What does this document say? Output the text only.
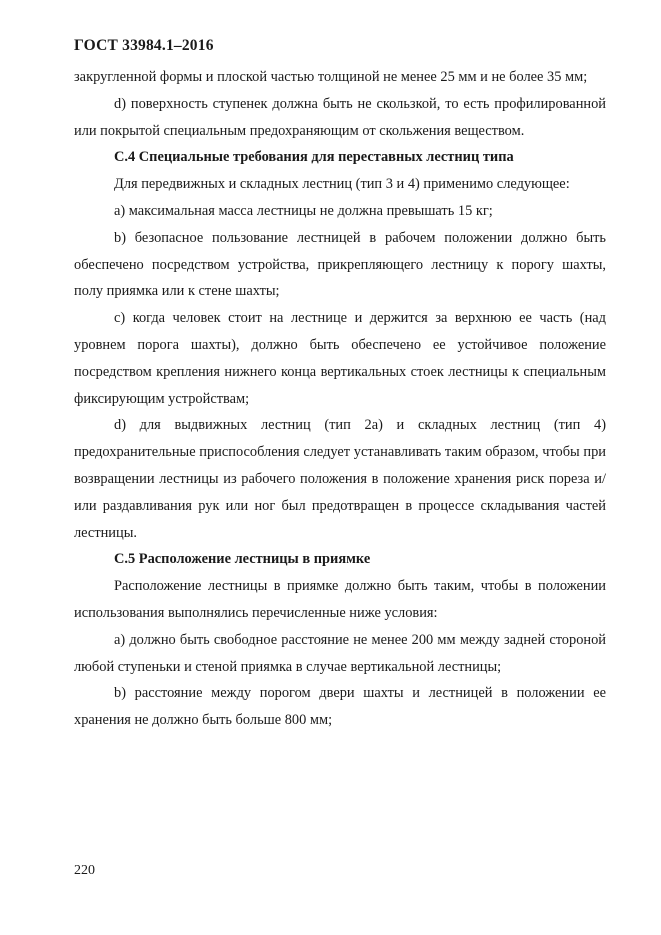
ГОСТ 33984.1–2016

закругленной формы и плоской частью толщиной не менее 25 мм и не более 35 мм;

d) поверхность ступенек должна быть не скользкой, то есть профилированной или покрытой специальным предохраняющим от скольжения веществом.

C.4 Специальные требования для переставных лестниц типа

Для передвижных и складных лестниц (тип 3 и 4) применимо следующее:

а) максимальная масса лестницы не должна превышать 15 кг;

b) безопасное пользование лестницей в рабочем положении должно быть обеспечено посредством устройства, прикрепляющего лестницу к порогу шахты, полу приямка или к стене шахты;

c) когда человек стоит на лестнице и держится за верхнюю ее часть (над уровнем порога шахты), должно быть обеспечено ее устойчивое положение посредством крепления нижнего конца вертикальных стоек лестницы к специальным фиксирующим устройствам;

d) для выдвижных лестниц (тип 2а) и складных лестниц (тип 4) предохранительные приспособления следует устанавливать таким образом, чтобы при возвращении лестницы из рабочего положения в положение хранения риск пореза и/или раздавливания рук или ног был предотвращен в процессе складывания частей лестницы.

C.5 Расположение лестницы в приямке

Расположение лестницы в приямке должно быть таким, чтобы в положении использования выполнялись перечисленные ниже условия:

а) должно быть свободное расстояние не менее 200 мм между задней стороной любой ступеньки и стеной приямка в случае вертикальной лестницы;

b) расстояние между порогом двери шахты и лестницей в положении ее хранения не должно быть больше 800 мм;

220
